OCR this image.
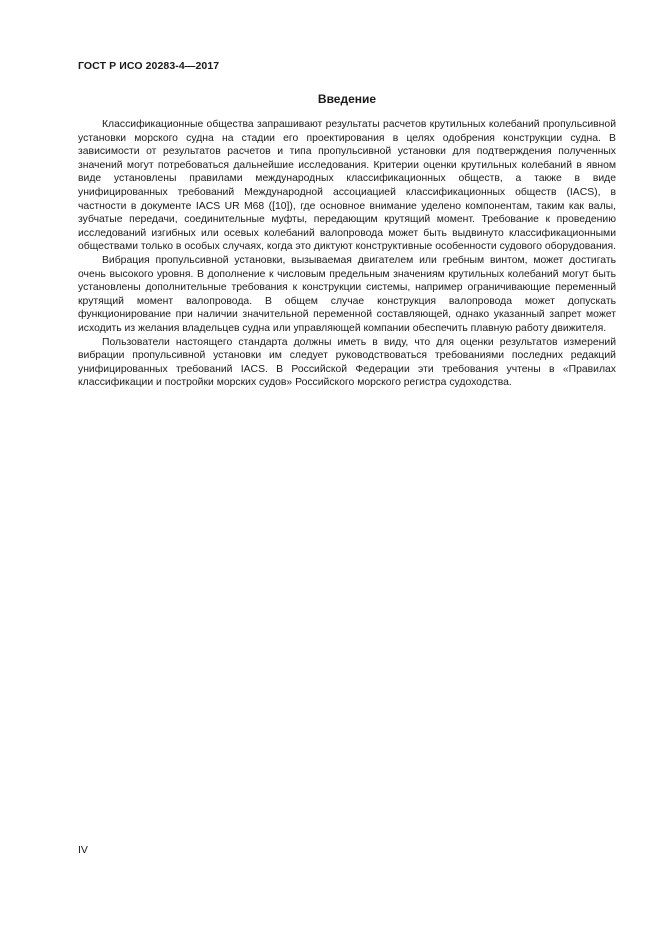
ГОСТ Р ИСО 20283-4—2017
Введение

Классификационные общества запрашивают результаты расчетов крутильных колебаний пропульсивной установки морского судна на стадии его проектирования в целях одобрения конструкции судна. В зависимости от результатов расчетов и типа пропульсивной установки для подтверждения полученных значений могут потребоваться дальнейшие исследования. Критерии оценки крутильных колебаний в явном виде установлены правилами международных классификационных обществ, а также в виде унифицированных требований Международной ассоциацией классификационных обществ (IACS), в частности в документе IACS UR M68 ([10]), где основное внимание уделено компонентам, таким как валы, зубчатые передачи, соединительные муфты, передающим крутящий момент. Требование к проведению исследований изгибных или осевых колебаний валопровода может быть выдвинуто классификационными обществами только в особых случаях, когда это диктуют конструктивные особенности судового оборудования.

Вибрация пропульсивной установки, вызываемая двигателем или гребным винтом, может достигать очень высокого уровня. В дополнение к числовым предельным значениям крутильных колебаний могут быть установлены дополнительные требования к конструкции системы, например ограничивающие переменный крутящий момент валопровода. В общем случае конструкция валопровода может допускать функционирование при наличии значительной переменной составляющей, однако указанный запрет может исходить из желания владельцев судна или управляющей компании обеспечить плавную работу движителя.

Пользователи настоящего стандарта должны иметь в виду, что для оценки результатов измерений вибрации пропульсивной установки им следует руководствоваться требованиями последних редакций унифицированных требований IACS. В Российской Федерации эти требования учтены в «Правилах классификации и постройки морских судов» Российского морского регистра судоходства.

IV
